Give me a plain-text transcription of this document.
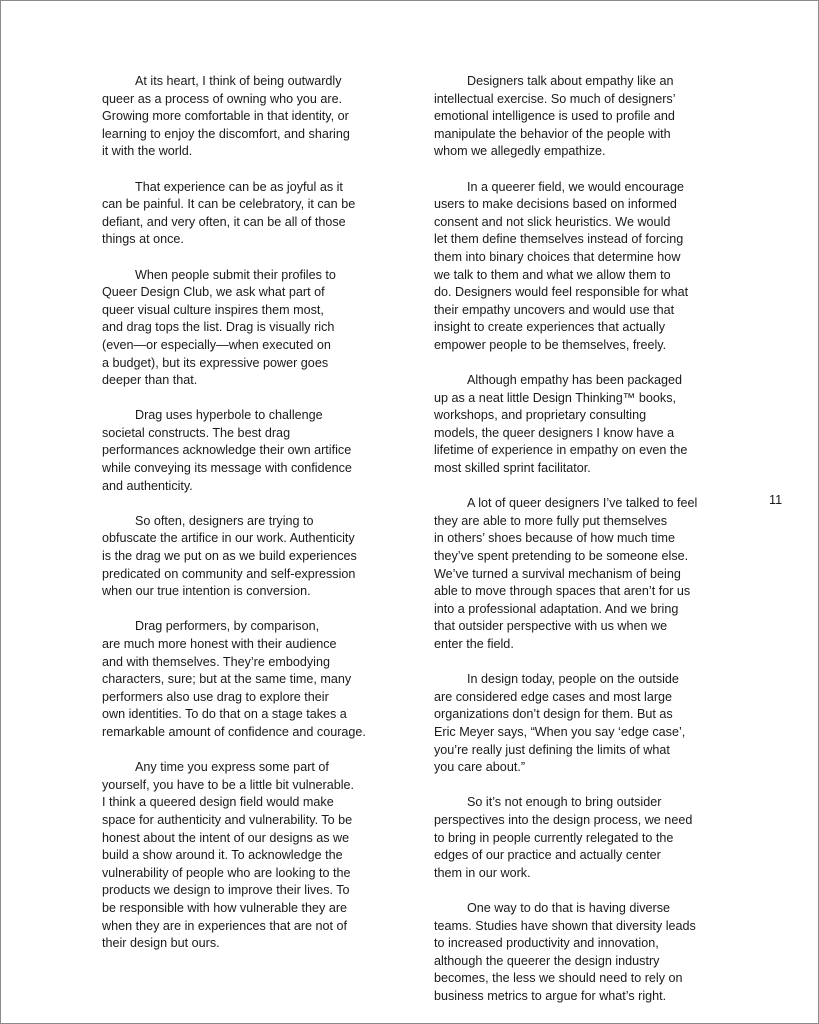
At its heart, I think of being outwardly
queer as a process of owning who you are.
Growing more comfortable in that identity, or
learning to enjoy the discomfort, and sharing
it with the world.
That experience can be as joyful as it
can be painful. It can be celebratory, it can be
defiant, and very often, it can be all of those
things at once.
When people submit their profiles to
Queer Design Club, we ask what part of
queer visual culture inspires them most,
and drag tops the list. Drag is visually rich
(even—or especially—when executed on
a budget), but its expressive power goes
deeper than that.
Drag uses hyperbole to challenge
societal constructs. The best drag
performances acknowledge their own artifice
while conveying its message with confidence
and authenticity.
So often, designers are trying to
obfuscate the artifice in our work. Authenticity
is the drag we put on as we build experiences
predicated on community and self-expression
when our true intention is conversion.
Drag performers, by comparison,
are much more honest with their audience
and with themselves. They’re embodying
characters, sure; but at the same time, many
performers also use drag to explore their
own identities. To do that on a stage takes a
remarkable amount of confidence and courage.
Any time you express some part of
yourself, you have to be a little bit vulnerable.
I think a queered design field would make
space for authenticity and vulnerability. To be
honest about the intent of our designs as we
build a show around it. To acknowledge the
vulnerability of people who are looking to the
products we design to improve their lives. To
be responsible with how vulnerable they are
when they are in experiences that are not of
their design but ours.
Designers talk about empathy like an
intellectual exercise. So much of designers’
emotional intelligence is used to profile and
manipulate the behavior of the people with
whom we allegedly empathize.
In a queerer field, we would encourage
users to make decisions based on informed
consent and not slick heuristics. We would
let them define themselves instead of forcing
them into binary choices that determine how
we talk to them and what we allow them to
do. Designers would feel responsible for what
their empathy uncovers and would use that
insight to create experiences that actually
empower people to be themselves, freely.
Although empathy has been packaged
up as a neat little Design Thinking™ books,
workshops, and proprietary consulting
models, the queer designers I know have a
lifetime of experience in empathy on even the
most skilled sprint facilitator.
A lot of queer designers I’ve talked to feel
they are able to more fully put themselves
in others’ shoes because of how much time
they’ve spent pretending to be someone else.
We’ve turned a survival mechanism of being
able to move through spaces that aren’t for us
into a professional adaptation. And we bring
that outsider perspective with us when we
enter the field.
In design today, people on the outside
are considered edge cases and most large
organizations don’t design for them. But as
Eric Meyer says, “When you say ‘edge case’,
you’re really just defining the limits of what
you care about.”
So it’s not enough to bring outsider
perspectives into the design process, we need
to bring in people currently relegated to the
edges of our practice and actually center
them in our work.
One way to do that is having diverse
teams. Studies have shown that diversity leads
to increased productivity and innovation,
although the queerer the design industry
becomes, the less we should need to rely on
business metrics to argue for what’s right.
11
